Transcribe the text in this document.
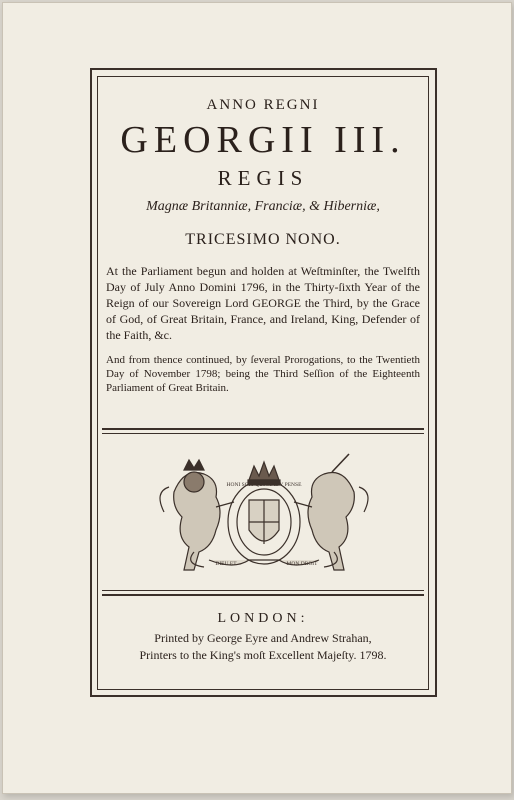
ANNO REGNI
GEORGII III.
REGIS
Magnæ Britanniæ, Franciæ, & Hiberniæ,
TRICESIMO NONO.
At the Parliament begun and holden at Weſtminſter, the Twelfth Day of July Anno Domini 1796, in the Thirty-ſixth Year of the Reign of our Sovereign Lord GEORGE the Third, by the Grace of God, of Great Britain, France, and Ireland, King, Defender of the Faith, &c.
And from thence continued, by ſeveral Prorogations, to the Twentieth Day of November 1798; being the Third Seſſion of the Eighteenth Parliament of Great Britain.
HONI SOIT QUI MAL Y PENSE
DIEU ET	MON DROIT
LONDON:
Printed by George Eyre and Andrew Strahan,
Printers to the King's moſt Excellent Majeſty. 1798.
